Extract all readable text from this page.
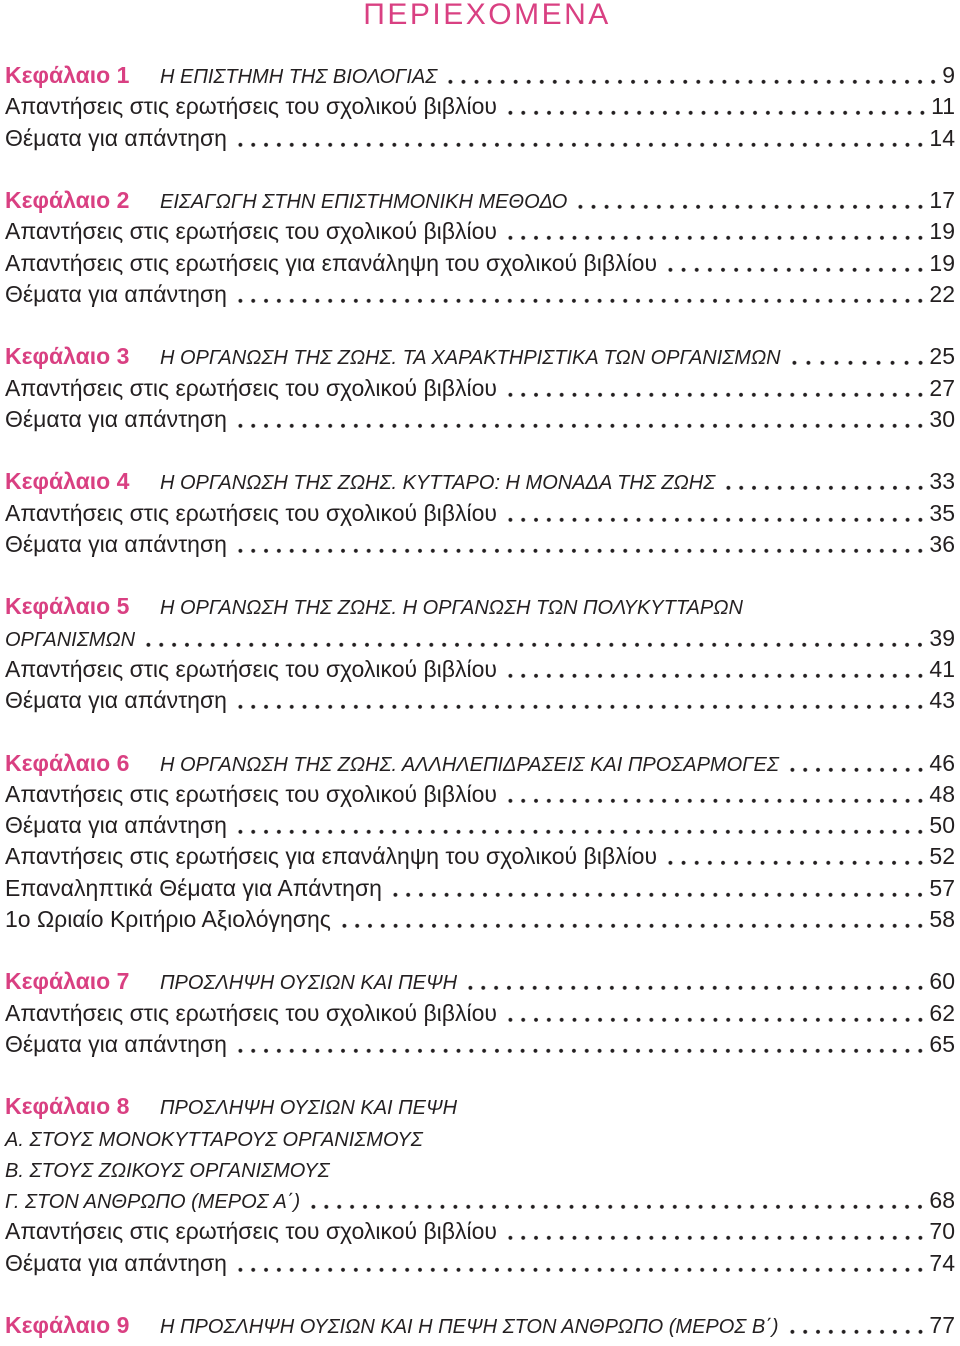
ΠΕΡΙΕΧΟΜΕΝΑ
Κεφάλαιο 1 Η ΕΠΙΣΤΗΜΗ ΤΗΣ ΒΙΟΛΟΓΙΑΣ	9
Απαντήσεις στις ερωτήσεις του σχολικού βιβλίου	11
Θέματα για απάντηση	14
Κεφάλαιο 2 ΕΙΣΑΓΩΓΗ ΣΤΗΝ ΕΠΙΣΤΗΜΟΝΙΚΗ ΜΕΘΟΔΟ	17
Απαντήσεις στις ερωτήσεις του σχολικού βιβλίου	19
Απαντήσεις στις ερωτήσεις για επανάληψη του σχολικού βιβλίου	19
Θέματα για απάντηση	22
Κεφάλαιο 3 Η ΟΡΓΑΝΩΣΗ ΤΗΣ ΖΩΗΣ. ΤΑ ΧΑΡΑΚΤΗΡΙΣΤΙΚΑ ΤΩΝ ΟΡΓΑΝΙΣΜΩΝ	25
Απαντήσεις στις ερωτήσεις του σχολικού βιβλίου	27
Θέματα για απάντηση	30
Κεφάλαιο 4 Η ΟΡΓΑΝΩΣΗ ΤΗΣ ΖΩΗΣ. ΚΥΤΤΑΡΟ: Η ΜΟΝΑΔΑ ΤΗΣ ΖΩΗΣ	33
Απαντήσεις στις ερωτήσεις του σχολικού βιβλίου	35
Θέματα για απάντηση	36
Κεφάλαιο 5 Η ΟΡΓΑΝΩΣΗ ΤΗΣ ΖΩΗΣ. Η ΟΡΓΑΝΩΣΗ ΤΩΝ ΠΟΛΥΚΥΤΤΑΡΩΝ
ΟΡΓΑΝΙΣΜΩΝ	39
Απαντήσεις στις ερωτήσεις του σχολικού βιβλίου	41
Θέματα για απάντηση	43
Κεφάλαιο 6 Η ΟΡΓΑΝΩΣΗ ΤΗΣ ΖΩΗΣ. ΑΛΛΗΛΕΠΙΔΡΑΣΕΙΣ ΚΑΙ ΠΡΟΣΑΡΜΟΓΕΣ	46
Απαντήσεις στις ερωτήσεις του σχολικού βιβλίου	48
Θέματα για απάντηση	50
Απαντήσεις στις ερωτήσεις για επανάληψη του σχολικού βιβλίου	52
Επαναληπτικά Θέματα για Απάντηση	57
1ο Ωριαίο Κριτήριο Αξιολόγησης	58
Κεφάλαιο 7 ΠΡΟΣΛΗΨΗ ΟΥΣΙΩΝ ΚΑΙ ΠΕΨΗ	60
Απαντήσεις στις ερωτήσεις του σχολικού βιβλίου	62
Θέματα για απάντηση	65
Κεφάλαιο 8 ΠΡΟΣΛΗΨΗ ΟΥΣΙΩΝ ΚΑΙ ΠΕΨΗ
Α. ΣΤΟΥΣ ΜΟΝΟΚΥΤΤΑΡΟΥΣ ΟΡΓΑΝΙΣΜΟΥΣ
Β. ΣΤΟΥΣ ΖΩΙΚΟΥΣ ΟΡΓΑΝΙΣΜΟΥΣ
Γ. ΣΤΟΝ ΑΝΘΡΩΠΟ (ΜΕΡΟΣ Α΄)	68
Απαντήσεις στις ερωτήσεις του σχολικού βιβλίου	70
Θέματα για απάντηση	74
Κεφάλαιο 9 Η ΠΡΟΣΛΗΨΗ ΟΥΣΙΩΝ ΚΑΙ Η ΠΕΨΗ ΣΤΟΝ ΑΝΘΡΩΠΟ (ΜΕΡΟΣ Β΄)	77
